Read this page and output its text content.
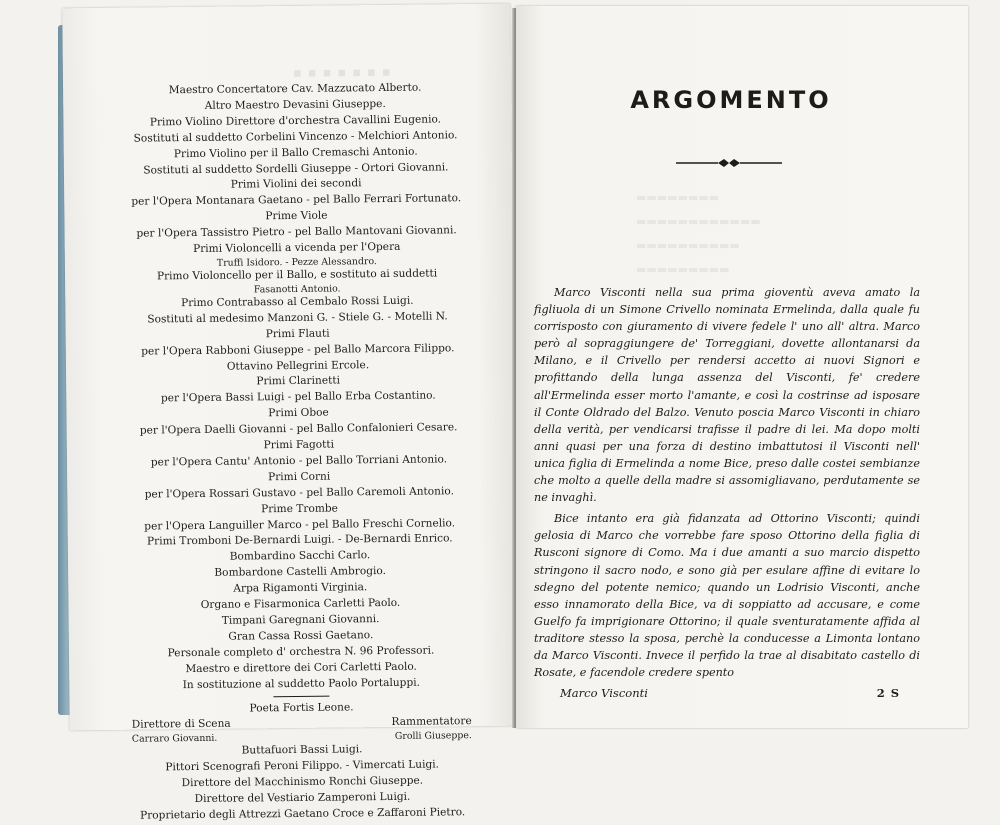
▪▪▪▪▪▪▪
Maestro Concertatore Cav. Mazzucato Alberto.
Altro Maestro Devasini Giuseppe.
Primo Violino Direttore d'orchestra Cavallini Eugenio.
Sostituti al suddetto Corbelini Vincenzo - Melchiori Antonio.
Primo Violino per il Ballo Cremaschi Antonio.
Sostituti al suddetto Sordelli Giuseppe - Ortori Giovanni.
Primi Violini dei secondi
per l'Opera Montanara Gaetano - pel Ballo Ferrari Fortunato.
Prime Viole
per l'Opera Tassistro Pietro - pel Ballo Mantovani Giovanni.
Primi Violoncelli a vicenda per l'Opera
Truffi Isidoro. - Pezze Alessandro.
Primo Violoncello per il Ballo, e sostituto ai suddetti
Fasanotti Antonio.
Primo Contrabasso al Cembalo Rossi Luigi.
Sostituti al medesimo Manzoni G. - Stiele G. - Motelli N.
Primi Flauti
per l'Opera Rabboni Giuseppe - pel Ballo Marcora Filippo.
Ottavino Pellegrini Ercole.
Primi Clarinetti
per l'Opera Bassi Luigi - pel Ballo Erba Costantino.
Primi Oboe
per l'Opera Daelli Giovanni - pel Ballo Confalonieri Cesare.
Primi Fagotti
per l'Opera Cantu' Antonio - pel Ballo Torriani Antonio.
Primi Corni
per l'Opera Rossari Gustavo - pel Ballo Caremoli Antonio.
Prime Trombe
per l'Opera Languiller Marco - pel Ballo Freschi Cornelio.
Primi Tromboni De-Bernardi Luigi. - De-Bernardi Enrico.
Bombardino Sacchi Carlo.
Bombardone Castelli Ambrogio.
Arpa Rigamonti Virginia.
Organo e Fisarmonica Carletti Paolo.
Timpani Garegnani Giovanni.
Gran Cassa Rossi Gaetano.
Personale completo d' orchestra N. 96 Professori.
Maestro e direttore dei Cori Carletti Paolo.
In sostituzione al suddetto Paolo Portaluppi.
Poeta Fortis Leone.
Direttore di Scena	Rammentatore
Carraro Giovanni.	Grolli Giuseppe.
Buttafuori Bassi Luigi.
Pittori Scenografi Peroni Filippo. - Vimercati Luigi.
Direttore del Macchinismo Ronchi Giuseppe.
Direttore del Vestiario Zamperoni Luigi.
Proprietario degli Attrezzi Gaetano Croce e Zaffaroni Pietro.
ARGOMENTO
▬▬▬▬▬▬▬▬
▬▬▬▬▬▬▬▬▬▬▬▬
▬▬▬▬▬▬▬▬▬▬
▬▬▬▬▬▬▬▬▬

Marco Visconti nella sua prima gioventù aveva amato la figliuola di un Simone Crivello nominata Ermelinda, dalla quale fu corrisposto con giuramento di vivere fedele l' uno all' altra. Marco però al sopraggiungere de' Torreggiani, dovette allontanarsi da Milano, e il Crivello per rendersi accetto ai nuovi Signori e profittando della lunga assenza del Visconti, fe' credere all'Ermelinda esser morto l'amante, e così la costrinse ad isposare il Conte Oldrado del Balzo. Venuto poscia Marco Visconti in chiaro della verità, per vendicarsi trafisse il padre di lei. Ma dopo molti anni quasi per una forza di destino imbattutosi il Visconti nell' unica figlia di Ermelinda a nome Bice, preso dalle costei sembianze che molto a quelle della madre si assomigliavano, perdutamente se ne invaghì.

Bice intanto era già fidanzata ad Ottorino Visconti; quindi gelosia di Marco che vorrebbe fare sposo Ottorino della figlia di Rusconi signore di Como. Ma i due amanti a suo marcio dispetto stringono il sacro nodo, e sono già per esulare affine di evitare lo sdegno del potente nemico; quando un Lodrisio Visconti, anche esso innamorato della Bice, va di soppiatto ad accusare, e come Guelfo fa imprigionare Ottorino; il quale sventuratamente affida al traditore stesso la sposa, perchè la conducesse a Limonta lontano da Marco Visconti. Invece il perfido la trae al disabitato castello di Rosate, e facendole credere spento

Marco Visconti	2 S
